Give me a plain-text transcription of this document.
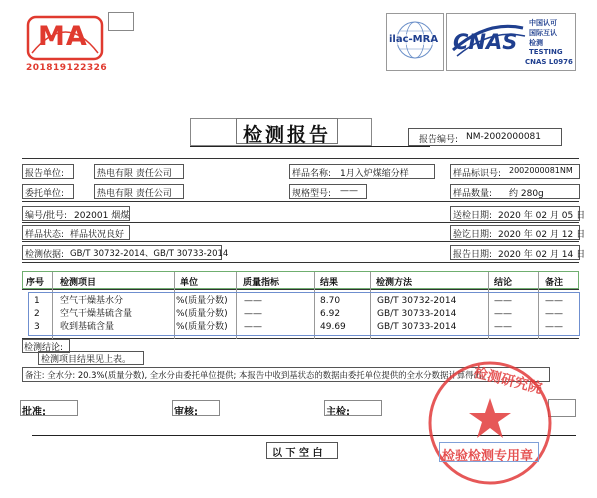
MA
201819122326
ilac-MRA CNAS
中国认可
国际互认
检测
TESTING
CNAS L0976
检测报告	报告编号: NM-2002000081
报告单位:	热电有限 责任公司	样品名称: 1月入炉煤缩分样	样品标识号: 2002000081NM
委托单位:	热电有限 责任公司	规格型号: ——	样品数量: 约 280g
编号/批号: 202001 烟煤	送检日期: 2020 年 02 月 05 日
样品状态: 样品状况良好	验讫日期: 2020 年 02 月 12 日
检测依据: GB/T 30732-2014、GB/T 30733-2014	报告日期: 2020 年 02 月 14 日
序号 检测项目	单位	质量指标	结果	检测方法	结论	备注
1 空气干燥基水分	%(质量分数) ——	8.70	GB/T 30732-2014	——	——
2 空气干燥基硫含量	%(质量分数) ——	6.92	GB/T 30733-2014	——	——
3 收到基硫含量	%(质量分数) ——	49.69	GB/T 30733-2014	——	——
检测结论:
检测项目结果见上表。
备注: 全水分: 20.3%(质量分数), 全水分由委托单位提供; 本报告中收到基状态的数据由委托单位提供的全水分数据计算得出。
批准:	审核:	主检:
以 下 空 白
检测研究院
检验检测专用章
